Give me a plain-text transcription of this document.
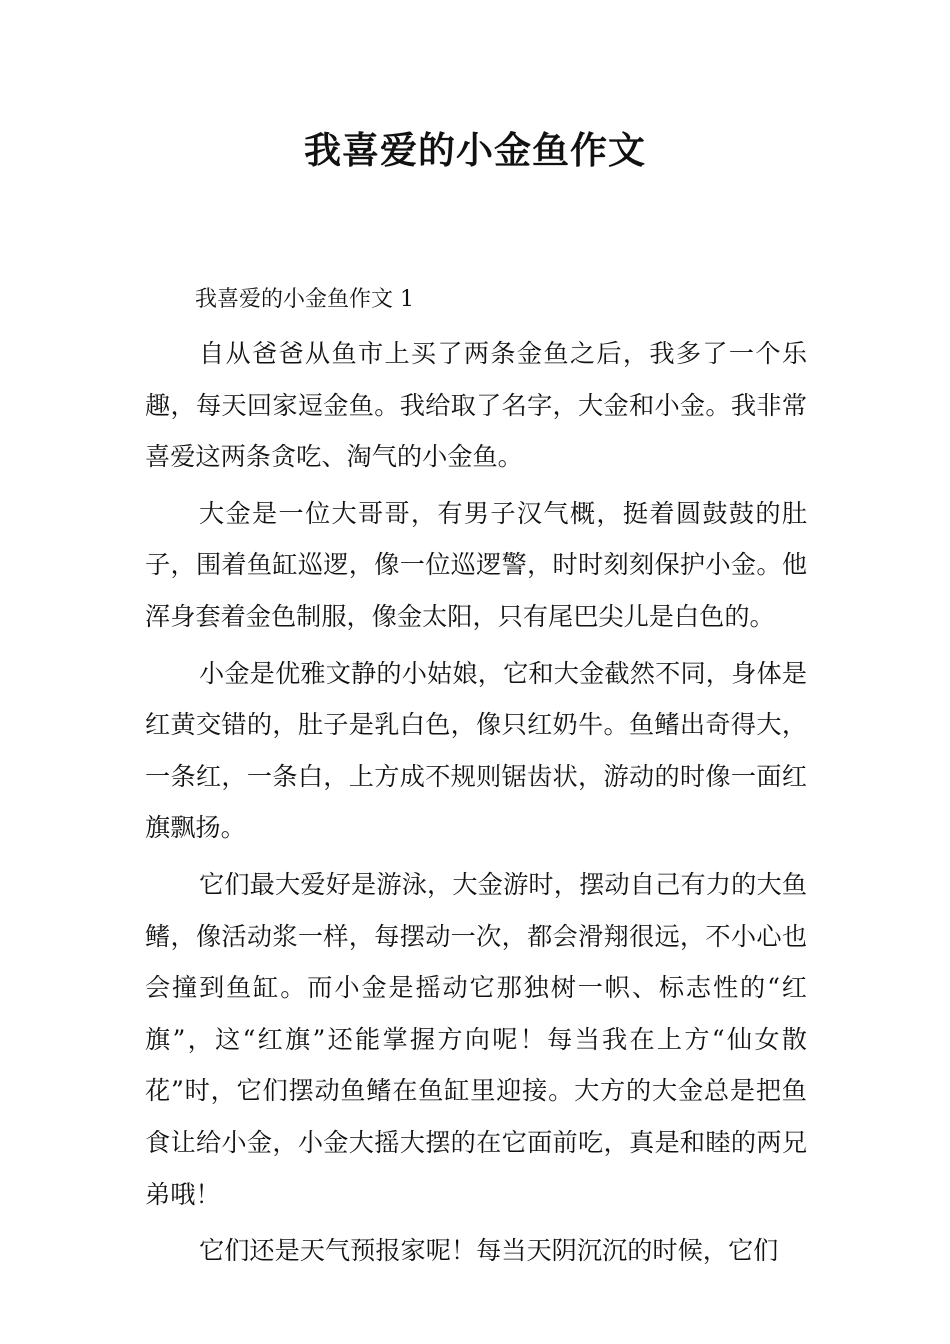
我喜爱的小金鱼作文

我喜爱的小金鱼作文 1

自从爸爸从鱼市上买了两条金鱼之后，我多了一个乐趣，每天回家逗金鱼。我给取了名字，大金和小金。我非常喜爱这两条贪吃、淘气的小金鱼。

大金是一位大哥哥，有男子汉气概，挺着圆鼓鼓的肚子，围着鱼缸巡逻，像一位巡逻警，时时刻刻保护小金。他浑身套着金色制服，像金太阳，只有尾巴尖儿是白色的。

小金是优雅文静的小姑娘，它和大金截然不同，身体是红黄交错的，肚子是乳白色，像只红奶牛。鱼鳍出奇得大，一条红，一条白，上方成不规则锯齿状，游动的时像一面红旗飘扬。

它们最大爱好是游泳，大金游时，摆动自己有力的大鱼鳍，像活动浆一样，每摆动一次，都会滑翔很远，不小心也会撞到鱼缸。而小金是摇动它那独树一帜、标志性的“红旗”，这“红旗”还能掌握方向呢！每当我在上方“仙女散花”时，它们摆动鱼鳍在鱼缸里迎接。大方的大金总是把鱼食让给小金，小金大摇大摆的在它面前吃，真是和睦的两兄弟哦！

它们还是天气预报家呢！每当天阴沉沉的时候，它们
